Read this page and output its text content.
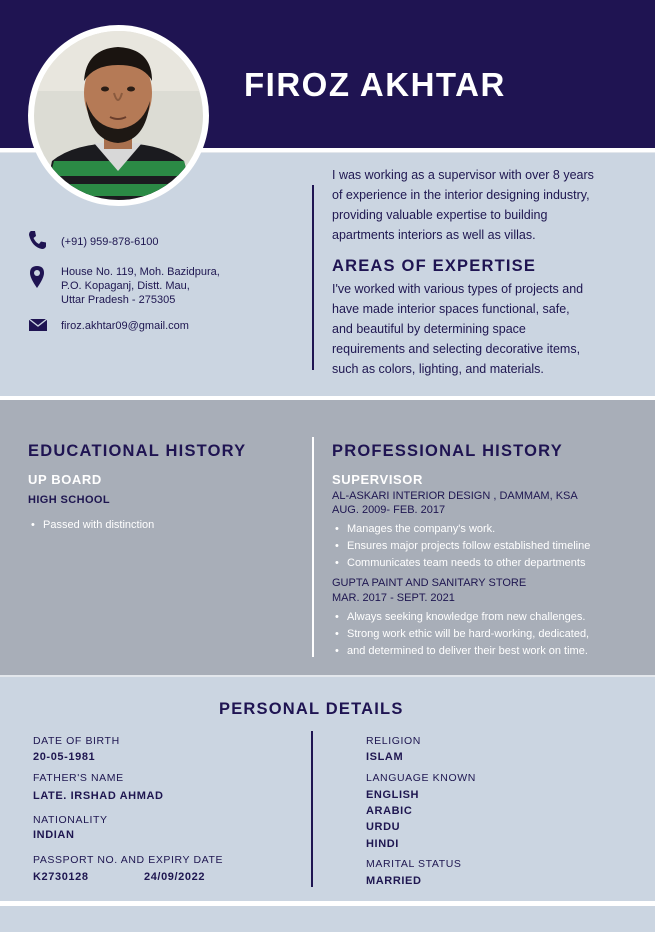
FIROZ AKHTAR
(+91) 959-878-6100
House No. 119, Moh. Bazidpura,
P.O. Kopaganj, Distt. Mau,
Uttar Pradesh - 275305
firoz.akhtar09@gmail.com
I was working as a supervisor with over 8 years
of experience in the interior designing industry,
providing valuable expertise to building
apartments interiors as well as villas.
AREAS OF EXPERTISE
I've worked with various types of projects and
have made interior spaces functional, safe,
and beautiful by determining space
requirements and selecting decorative items,
such as colors, lighting, and materials.
EDUCATIONAL HISTORY
UP BOARD
HIGH SCHOOL
• Passed with distinction
PROFESSIONAL HISTORY
SUPERVISOR
AL-ASKARI INTERIOR DESIGN , DAMMAM, KSA
AUG. 2009- FEB. 2017
• Manages the company's work.
• Ensures major projects follow established timeline
• Communicates team needs to other departments
GUPTA PAINT AND SANITARY STORE
MAR. 2017 - SEPT. 2021
• Always seeking knowledge from new challenges.
• Strong work ethic will be hard-working, dedicated,
• and determined to deliver their best work on time.
PERSONAL DETAILS
DATE OF BIRTH
20-05-1981
FATHER'S NAME
LATE. IRSHAD AHMAD
NATIONALITY
INDIAN
PASSPORT NO. AND EXPIRY DATE
K2730128	24/09/2022
RELIGION
ISLAM
LANGUAGE KNOWN
ENGLISH
ARABIC
URDU
HINDI
MARITAL STATUS
MARRIED
